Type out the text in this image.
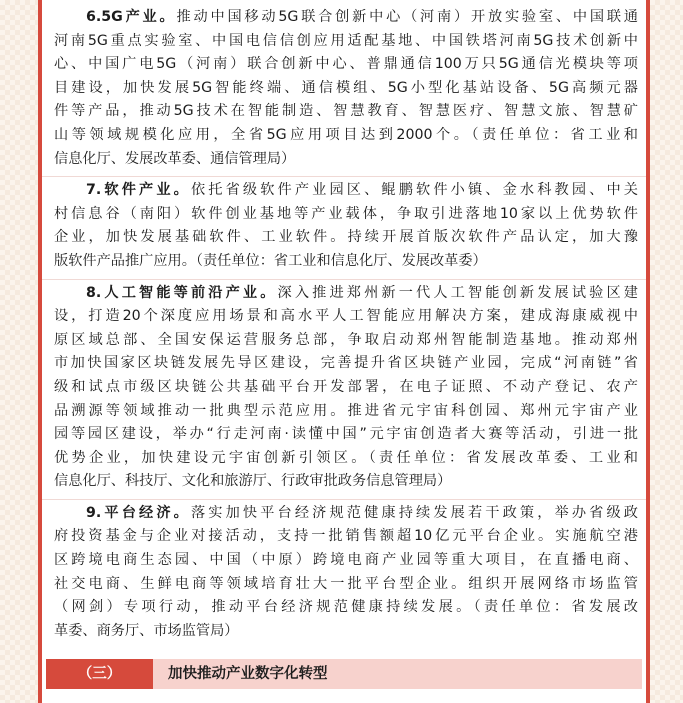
6.5G产业。推动中国移动5G联合创新中心（河南）开放实验室、中国联通
河南5G重点实验室、中国电信信创应用适配基地、中国铁塔河南5G技术创新中
心、中国广电5G（河南）联合创新中心、普鼎通信100万只5G通信光模块等项
目建设，加快发展5G智能终端、通信模组、5G小型化基站设备、5G高频元器
件等产品，推动5G技术在智能制造、智慧教育、智慧医疗、智慧文旅、智慧矿
山等领域规模化应用，全省5G应用项目达到2000个。（责任单位：省工业和
信息化厅、发展改革委、通信管理局）
7.软件产业。依托省级软件产业园区、鲲鹏软件小镇、金水科教园、中关
村信息谷（南阳）软件创业基地等产业载体，争取引进落地10家以上优势软件
企业，加快发展基础软件、工业软件。持续开展首版次软件产品认定，加大豫
版软件产品推广应用。（责任单位：省工业和信息化厅、发展改革委）
8.人工智能等前沿产业。深入推进郑州新一代人工智能创新发展试验区建
设，打造20个深度应用场景和高水平人工智能应用解决方案，建成海康威视中
原区域总部、全国安保运营服务总部，争取启动郑州智能制造基地。推动郑州
市加快国家区块链发展先导区建设，完善提升省区块链产业园，完成“河南链”省
级和试点市级区块链公共基础平台开发部署，在电子证照、不动产登记、农产
品溯源等领域推动一批典型示范应用。推进省元宇宙科创园、郑州元宇宙产业
园等园区建设，举办“行走河南·读懂中国”元宇宙创造者大赛等活动，引进一批
优势企业，加快建设元宇宙创新引领区。（责任单位：省发展改革委、工业和
信息化厅、科技厅、文化和旅游厅、行政审批政务信息管理局）
9.平台经济。落实加快平台经济规范健康持续发展若干政策，举办省级政
府投资基金与企业对接活动，支持一批销售额超10亿元平台企业。实施航空港
区跨境电商生态园、中国（中原）跨境电商产业园等重大项目，在直播电商、
社交电商、生鲜电商等领域培育壮大一批平台型企业。组织开展网络市场监管
（网剑）专项行动，推动平台经济规范健康持续发展。（责任单位：省发展改
革委、商务厅、市场监管局）
（三）	加快推动产业数字化转型
